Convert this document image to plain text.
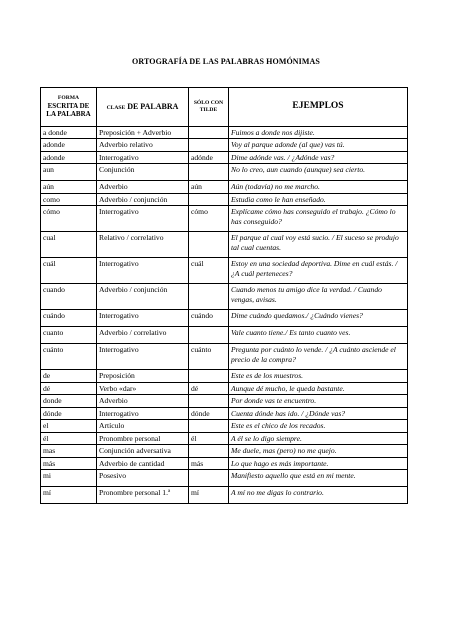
ORTOGRAFÍA DE LAS PALABRAS HOMÓNIMAS
FORMA
ESCRITA DE LA PALABRA	CLASE DE PALABRA	SÓLO CON TILDE	EJEMPLOS
a donde	Preposición + Adverbio		Fuimos a donde nos dijiste.
adonde	Adverbio relativo		Voy al parque adonde (al que) vas tú.
adonde	Interrogativo	adónde	Dime adónde vas. / ¿Adónde vas?
aun	Conjunción		No lo creo, aun cuando (aunque) sea cierto.
aún	Adverbio	aún	Aún (todavía) no me marcho.
como	Adverbio / conjunción		Estudia como le han enseñado.
cómo	Interrogativo	cómo	Explícame cómo has conseguido el trabajo. ¿Cómo lo has conseguido?
cual	Relativo / correlativo		El parque al cual voy está sucio. / El suceso se produjo tal cual cuentas.
cuál	Interrogativo	cuál	Estoy en una sociedad deportiva. Dime en cuál estás. / ¿A cuál perteneces?
cuando	Adverbio / conjunción		Cuando menos tu amigo dice la verdad. / Cuando vengas, avisas.
cuándo	Interrogativo	cuándo	Dime cuándo quedamos./ ¿Cuándo vienes?
cuanto	Adverbio / correlativo		Vale cuanto tiene./ Es tanto cuanto ves.
cuánto	Interrogativo	cuánto	Pregunta por cuánto lo vende. / ¿A cuánto asciende el precio de la compra?
de	Preposición		Este es de los muestros.
dé	Verbo «dar»	dé	Aunque dé mucho, le queda bastante.
donde	Adverbio		Por donde vas te encuentro.
dónde	Interrogativo	dónde	Cuenta dónde has ido. / ¿Dónde vas?
el	Artículo		Este es el chico de los recados.
él	Pronombre personal	él	A él se lo digo siempre.
mas	Conjunción adversativa		Me duele, mas (pero) no me quejo.
más	Adverbio de cantidad	más	Lo que hago es más importante.
mi	Posesivo		Manifiesto aquello que está en mi mente.
mí	Pronombre personal 1.ª	mí	A mí no me digas lo contrario.
